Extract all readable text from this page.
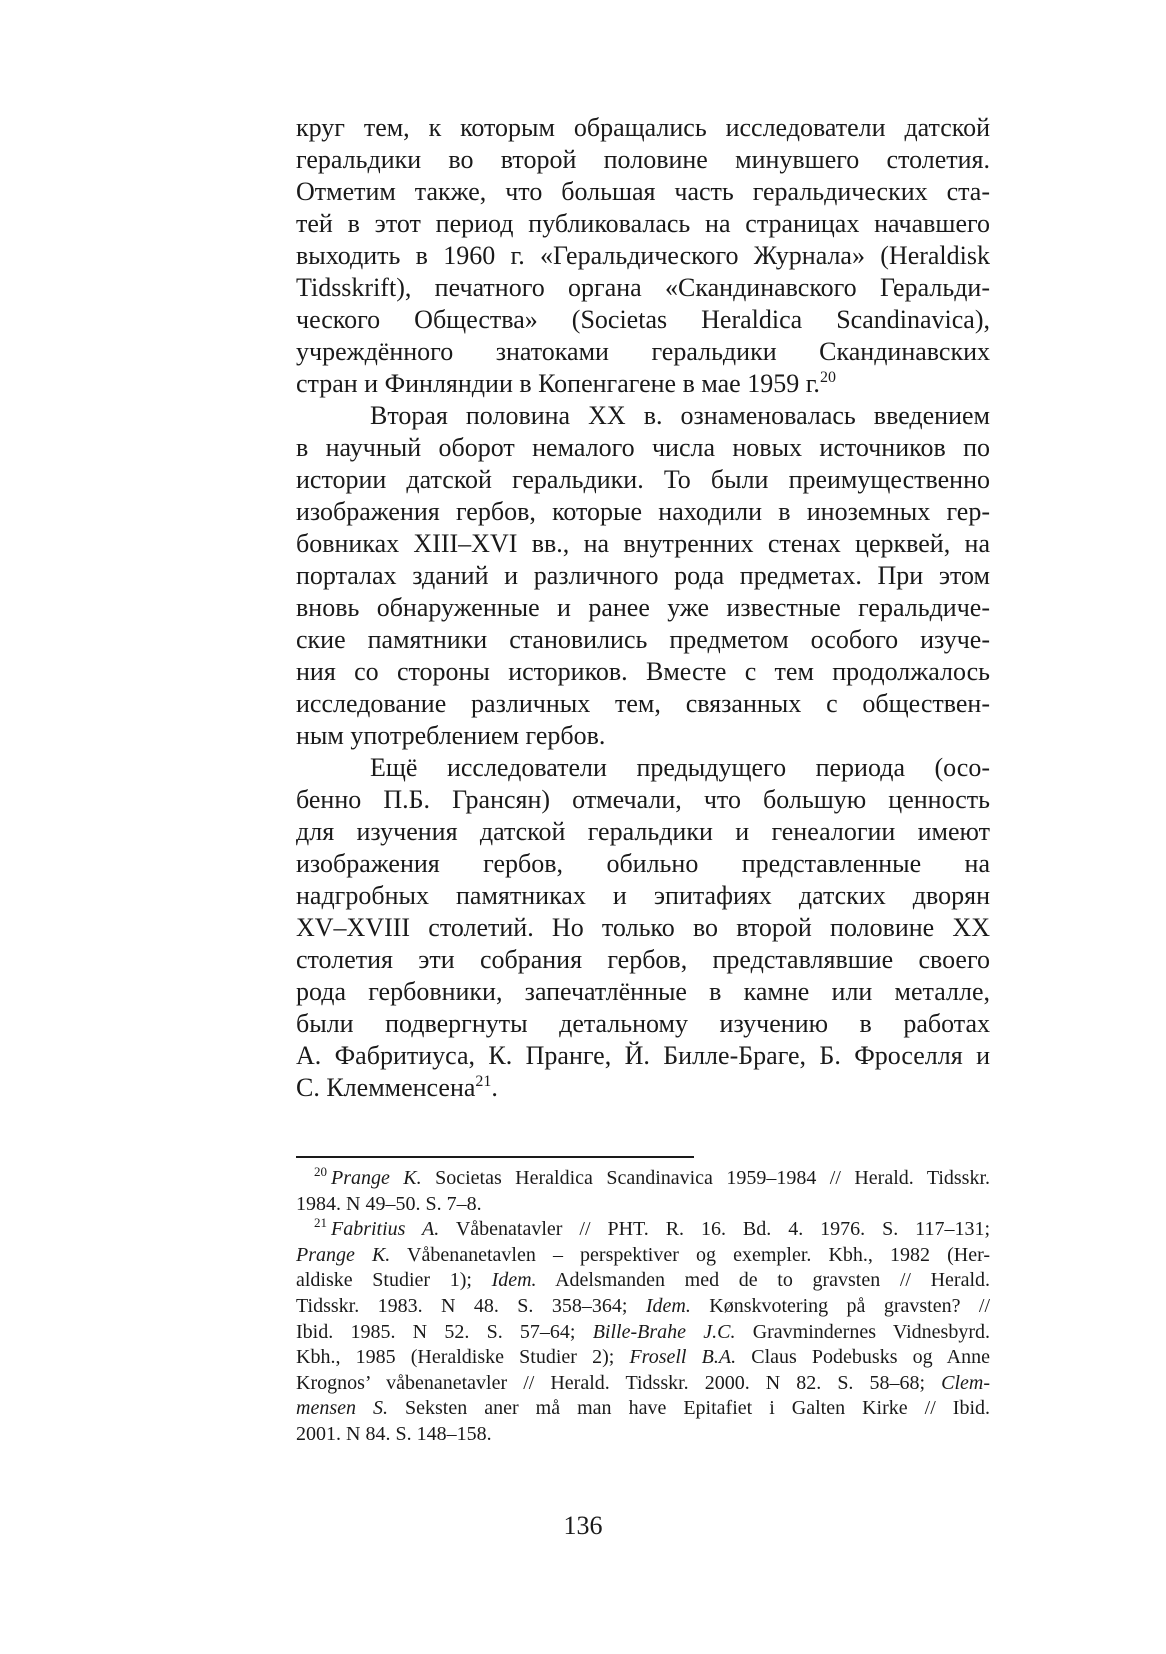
круг тем, к которым обращались исследователи датской
геральдики во второй половине минувшего столетия.
Отметим также, что большая часть геральдических ста-
тей в этот период публиковалась на страницах начавшего
выходить в 1960 г. «Геральдического Журнала» (Heraldisk
Tidsskrift), печатного органа «Скандинавского Геральди-
ческого Общества» (Societas Heraldica Scandinavica),
учреждённого знатоками геральдики Скандинавских
стран и Финляндии в Копенгагене в мае 1959 г.$^{20}$
Вторая половина ХХ в. ознаменовалась введением
в научный оборот немалого числа новых источников по
истории датской геральдики. То были преимущественно
изображения гербов, которые находили в иноземных гер-
бовниках XIII–XVI вв., на внутренних стенах церквей, на
порталах зданий и различного рода предметах. При этом
вновь обнаруженные и ранее уже известные геральдиче-
ские памятники становились предметом особого изуче-
ния со стороны историков. Вместе с тем продолжалось
исследование различных тем, связанных с обществен-
ным употреблением гербов.
Ещё исследователи предыдущего периода (осо-
бенно П.Б. Грансян) отмечали, что большую ценность
для изучения датской геральдики и генеалогии имеют
изображения гербов, обильно представленные на
надгробных памятниках и эпитафиях датских дворян
XV–XVIII столетий. Но только во второй половине ХХ
столетия эти собрания гербов, представлявшие своего
рода гербовники, запечатлённые в камне или металле,
были подвергнуты детальному изучению в работах
А. Фабритиуса, К. Пранге, Й. Билле-Браге, Б. Фроселля и
С. Клемменсена$^{21}$.
$^{20}$ Prange K. Societas Heraldica Scandinavica 1959–1984 // Herald. Tidsskr.
1984. N 49–50. S. 7–8.
$^{21}$ Fabritius A. Våbenatavler // PHT. R. 16. Bd. 4. 1976. S. 117–131;
Prange K. Våbenanetavlen – perspektiver og exempler. Kbh., 1982 (Her-
aldiske Studier 1); Idem. Adelsmanden med de to gravsten // Herald.
Tidsskr. 1983. N 48. S. 358–364; Idem. Kønskvotering på gravsten? //
Ibid. 1985. N 52. S. 57–64; Bille-Brahe J.C. Gravmindernes Vidnesbyrd.
Kbh., 1985 (Heraldiske Studier 2); Frosell B.A. Claus Podebusks og Anne
Krognos’ våbenanetavler // Herald. Tidsskr. 2000. N 82. S. 58–68; Clem-
mensen S. Seksten aner må man have Epitafiet i Galten Kirke // Ibid.
2001. N 84. S. 148–158.
136
